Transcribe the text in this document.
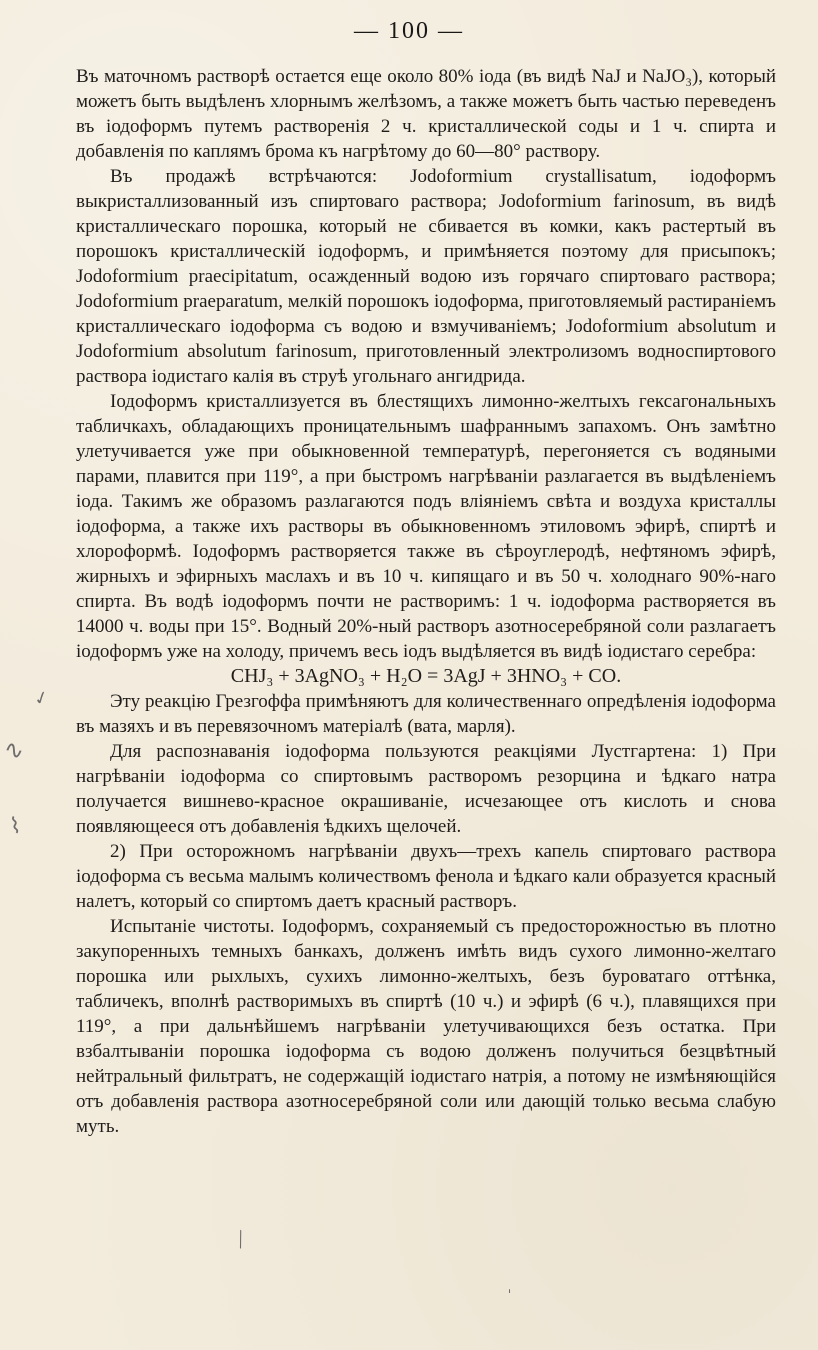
— 100 —

Въ маточномъ растворѣ остается еще около 80% іода (въ видѣ NaJ и NaJO₃), который можетъ быть выдѣленъ хлорнымъ желѣзомъ, а также можетъ быть частью переведенъ въ іодоформъ путемъ растворенія 2 ч. кристаллической соды и 1 ч. спирта и добавленія по каплямъ брома къ нагрѣтому до 60—80° раствору.

Въ продажѣ встрѣчаются: Jodoformium crystallisatum, іодоформъ выкристаллизованный изъ спиртоваго раствора; Jodoformium farinosum, въ видѣ кристаллическаго порошка, который не сбивается въ комки, какъ растертый въ порошокъ кристаллическій іодоформъ, и примѣняется поэтому для присыпокъ; Jodoformium praecipitatum, осажденный водою изъ горячаго спиртоваго раствора; Jodoformium praeparatum, мелкій порошокъ іодоформа, приготовляемый растираніемъ кристаллическаго іодоформа съ водою и взмучиваніемъ; Jodoformium absolutum и Jodoformium absolutum farinosum, приготовленный электролизомъ водноспиртового раствора іодистаго калія въ струѣ угольнаго ангидрида.

Іодоформъ кристаллизуется въ блестящихъ лимонно-желтыхъ гексагональныхъ табличкахъ, обладающихъ проницательнымъ шафраннымъ запахомъ. Онъ замѣтно улетучивается уже при обыкновенной температурѣ, перегоняется съ водяными парами, плавится при 119°, а при быстромъ нагрѣваніи разлагается въ выдѣленіемъ іода. Такимъ же образомъ разлагаются подъ вліяніемъ свѣта и воздуха кристаллы іодоформа, а также ихъ растворы въ обыкновенномъ этиловомъ эфирѣ, спиртѣ и хлороформѣ. Іодоформъ растворяется также въ сѣроуглеродѣ, нефтяномъ эфирѣ, жирныхъ и эфирныхъ маслахъ и въ 10 ч. кипящаго и въ 50 ч. холоднаго 90%-наго спирта. Въ водѣ іодоформъ почти не растворимъ: 1 ч. іодоформа растворяется въ 14000 ч. воды при 15°. Водный 20%-ный растворъ азотносеребряной соли разлагаетъ іодоформъ уже на холоду, причемъ весь іодъ выдѣляется въ видѣ іодистаго серебра:

CHJ₃ + 3AgNO₃ + H₂O = 3AgJ + 3HNO₃ + CO.

Эту реакцію Грезгоффа примѣняютъ для количественнаго опредѣленія іодоформа въ мазяхъ и въ перевязочномъ матеріалѣ (вата, марля).

Для распознаванія іодоформа пользуются реакціями Лустгартена: 1) При нагрѣваніи іодоформа со спиртовымъ растворомъ резорцина и ѣдкаго натра получается вишнево-красное окрашиваніе, исчезающее отъ кислоть и снова появляющееся отъ добавленія ѣдкихъ щелочей.

2) При осторожномъ нагрѣваніи двухъ—трехъ капель спиртоваго раствора іодоформа съ весьма малымъ количествомъ фенола и ѣдкаго кали образуется красный налетъ, который со спиртомъ даетъ красный растворъ.

Испытаніе чистоты. Іодоформъ, сохраняемый съ предосторожностью въ плотно закупоренныхъ темныхъ банкахъ, долженъ имѣть видъ сухого лимонно-желтаго порошка или рыхлыхъ, сухихъ лимонно-желтыхъ, безъ буроватаго оттѣнка, табличекъ, вполнѣ растворимыхъ въ спиртѣ (10 ч.) и эфирѣ (6 ч.), плавящихся при 119°, а при дальнѣйшемъ нагрѣваніи улетучивающихся безъ остатка. При взбалтываніи порошка іодоформа съ водою долженъ получиться безцвѣтный нейтральный фильтратъ, не содержащій іодистаго натрія, а потому не измѣняющійся отъ добавленія раствора азотносеребряной соли или дающій только весьма слабую муть.

✓
∿
⌇
╲
╴
